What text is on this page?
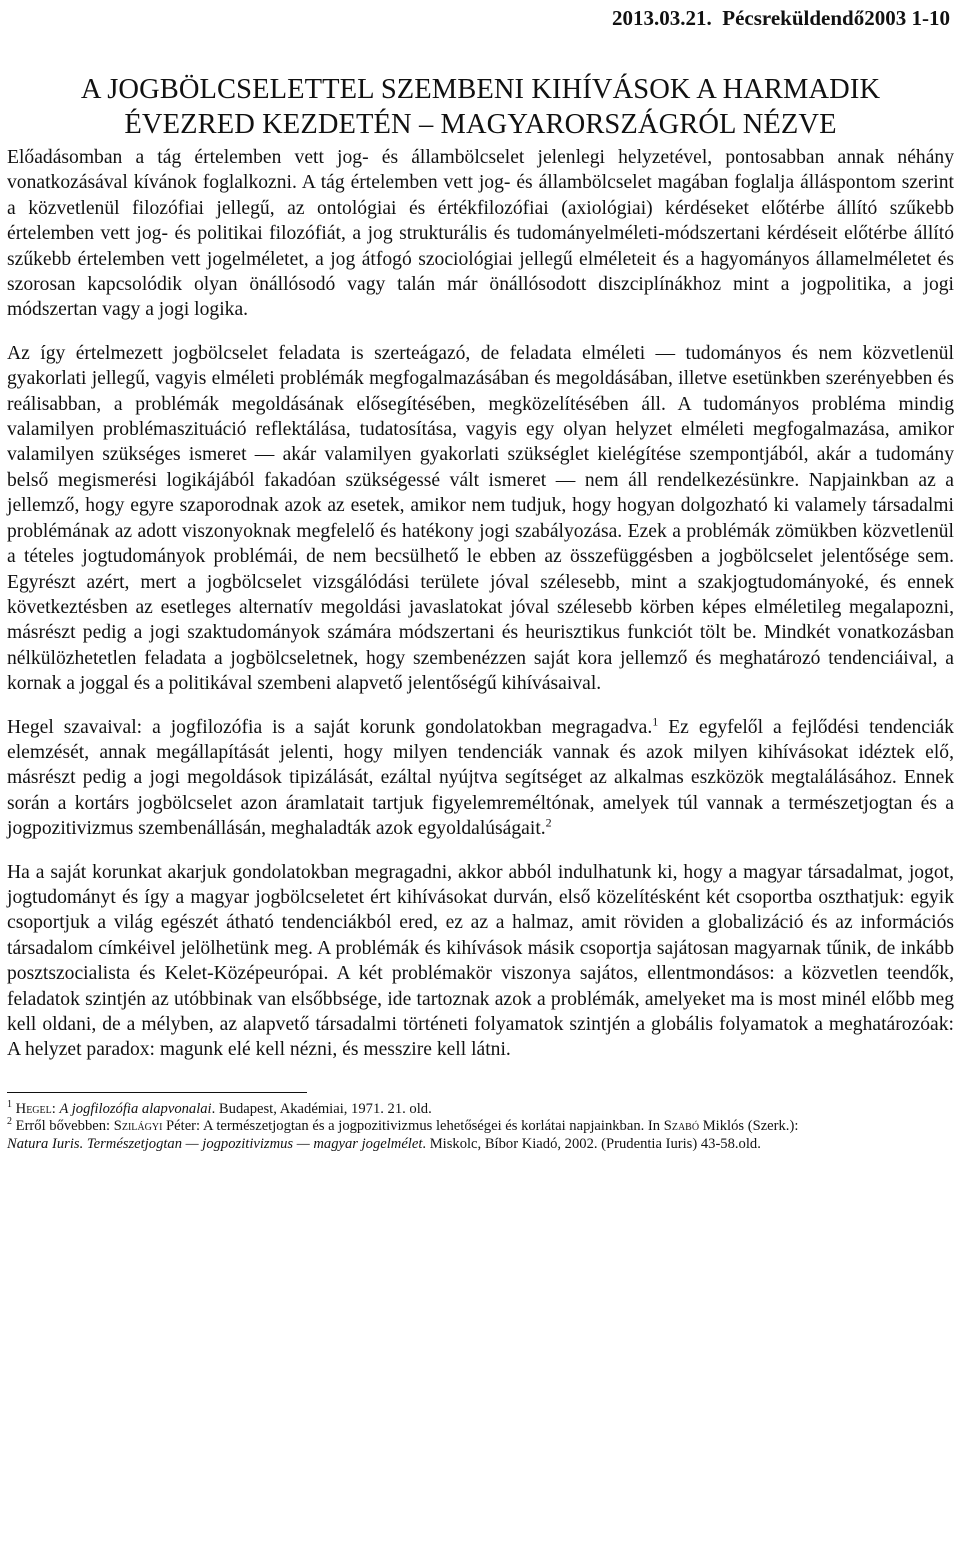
2013.03.21. Pécsreküldendő2003 1-10
A JOGBÖLCSELETTEL SZEMBENI KIHÍVÁSOK A HARMADIK
ÉVEZRED KEZDETÉN – MAGYARORSZÁGRÓL NÉZVE

Előadásomban a tág értelemben vett jog- és állambölcselet jelenlegi helyzetével, pontosabban annak néhány vonatkozásával kívánok foglalkozni. A tág értelemben vett jog- és állambölcselet magában foglalja álláspontom szerint a közvetlenül filozófiai jellegű, az ontológiai és értékfilozófiai (axiológiai) kérdéseket előtérbe állító szűkebb értelemben vett jog- és politikai filozófiát, a jog strukturális és tudományelméleti-módszertani kérdéseit előtérbe állító szűkebb értelemben vett jogelméletet, a jog átfogó szociológiai jellegű elméleteit és a hagyományos államelméletet és szorosan kapcsolódik olyan önállósodó vagy talán már önállósodott diszciplínákhoz mint a jogpolitika, a jogi módszertan vagy a jogi logika.

Az így értelmezett jogbölcselet feladata is szerteágazó, de feladata elméleti — tudományos és nem közvetlenül gyakorlati jellegű, vagyis elméleti problémák megfogalmazásában és megoldásában, illetve esetünkben szerényebben és reálisabban, a problémák megoldásának elősegítésében, megközelítésében áll. A tudományos probléma mindig valamilyen problémaszituáció reflektálása, tudatosítása, vagyis egy olyan helyzet elméleti megfogalmazása, amikor valamilyen szükséges ismeret — akár valamilyen gyakorlati szükséglet kielégítése szempontjából, akár a tudomány belső megismerési logikájából fakadóan szükségessé vált ismeret — nem áll rendelkezésünkre. Napjainkban az a jellemző, hogy egyre szaporodnak azok az esetek, amikor nem tudjuk, hogy hogyan dolgozható ki valamely társadalmi problémának az adott viszonyoknak megfelelő és hatékony jogi szabályozása. Ezek a problémák zömükben közvetlenül a tételes jogtudományok problémái, de nem becsülhető le ebben az összefüggésben a jogbölcselet jelentősége sem. Egyrészt azért, mert a jogbölcselet vizsgálódási területe jóval szélesebb, mint a szakjogtudományoké, és ennek következtésben az esetleges alternatív megoldási javaslatokat jóval szélesebb körben képes elméletileg megalapozni, másrészt pedig a jogi szaktudományok számára módszertani és heurisztikus funkciót tölt be. Mindkét vonatkozásban nélkülözhetetlen feladata a jogbölcseletnek, hogy szembenézzen saját kora jellemző és meghatározó tendenciáival, a kornak a joggal és a politikával szembeni alapvető jelentőségű kihívásaival.

Hegel szavaival: a jogfilozófia is a saját korunk gondolatokban megragadva.$^1$ Ez egyfelől a fejlődési tendenciák elemzését, annak megállapítását jelenti, hogy milyen tendenciák vannak és azok milyen kihívásokat idéztek elő, másrészt pedig a jogi megoldások tipizálását, ezáltal nyújtva segítséget az alkalmas eszközök megtalálásához. Ennek során a kortárs jogbölcselet azon áramlatait tartjuk figyelemreméltónak, amelyek túl vannak a természetjogtan és a jogpozitivizmus szembenállásán, meghaladták azok egyoldalúságait.$^2$

Ha a saját korunkat akarjuk gondolatokban megragadni, akkor abból indulhatunk ki, hogy a magyar társadalmat, jogot, jogtudományt és így a magyar jogbölcseletet ért kihívásokat durván, első közelítésként két csoportba oszthatjuk: egyik csoportjuk a világ egészét átható tendenciákból ered, ez az a halmaz, amit röviden a globalizáció és az információs társadalom címkéivel jelölhetünk meg. A problémák és kihívások másik csoportja sajátosan magyarnak tűnik, de inkább posztszocialista és Kelet-Középeurópai. A két problémakör viszonya sajátos, ellentmondásos: a közvetlen teendők, feladatok szintjén az utóbbinak van elsőbbsége, ide tartoznak azok a problémák, amelyeket ma is most minél előbb meg kell oldani, de a mélyben, az alapvető társadalmi történeti folyamatok szintjén a globális folyamatok a meghatározóak: A helyzet paradox: magunk elé kell nézni, és messzire kell látni.

$^1$ Hegel: A jogfilozófia alapvonalai. Budapest, Akadémiai, 1971. 21. old.
$^2$ Erről bővebben: Szilágyi Péter: A természetjogtan és a jogpozitivizmus lehetőségei és korlátai napjainkban. In Szabó Miklós (Szerk.):
Natura Iuris. Természetjogtan — jogpozitivizmus — magyar jogelmélet. Miskolc, Bíbor Kiadó, 2002. (Prudentia Iuris) 43-58.old.
